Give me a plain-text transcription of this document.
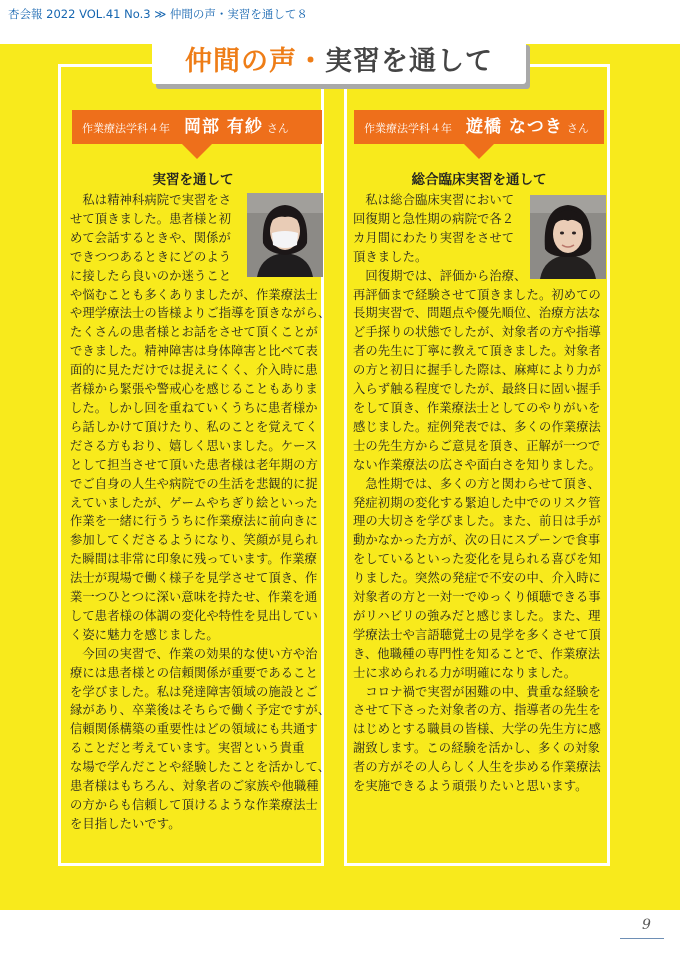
杏会報 2022 VOL.41 No.3 ≫ 仲間の声・実習を通して８
仲間の声・実習を通して
作業療法学科４年 岡部 有紗 さん
実習を通して
　私は精神科病院で実習をさ
せて頂きました。患者様と初
めて会話するときや、関係が
できつつあるときにどのよう
に接したら良いのか迷うこと
や悩むことも多くありましたが、作業療法士
や理学療法士の皆様よりご指導を頂きながら、
たくさんの患者様とお話をさせて頂くことが
できました。精神障害は身体障害と比べて表
面的に見ただけでは捉えにくく、介入時に患
者様から緊張や警戒心を感じることもありま
した。しかし回を重ねていくうちに患者様か
ら話しかけて頂けたり、私のことを覚えてく
ださる方もおり、嬉しく思いました。ケース
として担当させて頂いた患者様は老年期の方
でご自身の人生や病院での生活を悲観的に捉
えていましたが、ゲームやちぎり絵といった
作業を一緒に行ううちに作業療法に前向きに
参加してくださるようになり、笑顔が見られ
た瞬間は非常に印象に残っています。作業療
法士が現場で働く様子を見学させて頂き、作
業一つひとつに深い意味を持たせ、作業を通
して患者様の体調の変化や特性を見出してい
く姿に魅力を感じました。
　今回の実習で、作業の効果的な使い方や治
療には患者様との信頼関係が重要であること
を学びました。私は発達障害領域の施設とご
縁があり、卒業後はそちらで働く予定ですが、
信頼関係構築の重要性はどの領域にも共通す
ることだと考えています。実習という貴重
な場で学んだことや経験したことを活かして、
患者様はもちろん、対象者のご家族や他職種
の方からも信頼して頂けるような作業療法士
を目指したいです。
作業療法学科４年 遊橋 なつき さん
総合臨床実習を通して
　私は総合臨床実習において
回復期と急性期の病院で各２
カ月間にわたり実習をさせて
頂きました。
　回復期では、評価から治療、
再評価まで経験させて頂きました。初めての
長期実習で、問題点や優先順位、治療方法な
ど手探りの状態でしたが、対象者の方や指導
者の先生に丁寧に教えて頂きました。対象者
の方と初日に握手した際は、麻痺により力が
入らず触る程度でしたが、最終日に固い握手
をして頂き、作業療法士としてのやりがいを
感じました。症例発表では、多くの作業療法
士の先生方からご意見を頂き、正解が一つで
ない作業療法の広さや面白さを知りました。
　急性期では、多くの方と関わらせて頂き、
発症初期の変化する緊迫した中でのリスク管
理の大切さを学びました。また、前日は手が
動かなかった方が、次の日にスプーンで食事
をしているといった変化を見られる喜びを知
りました。突然の発症で不安の中、介入時に
対象者の方と一対一でゆっくり傾聴できる事
がリハビリの強みだと感じました。また、理
学療法士や言語聴覚士の見学を多くさせて頂
き、他職種の専門性を知ることで、作業療法
士に求められる力が明確になりました。
　コロナ禍で実習が困難の中、貴重な経験を
させて下さった対象者の方、指導者の先生を
はじめとする職員の皆様、大学の先生方に感
謝致します。この経験を活かし、多くの対象
者の方がその人らしく人生を歩める作業療法
を実施できるよう頑張りたいと思います。
9
